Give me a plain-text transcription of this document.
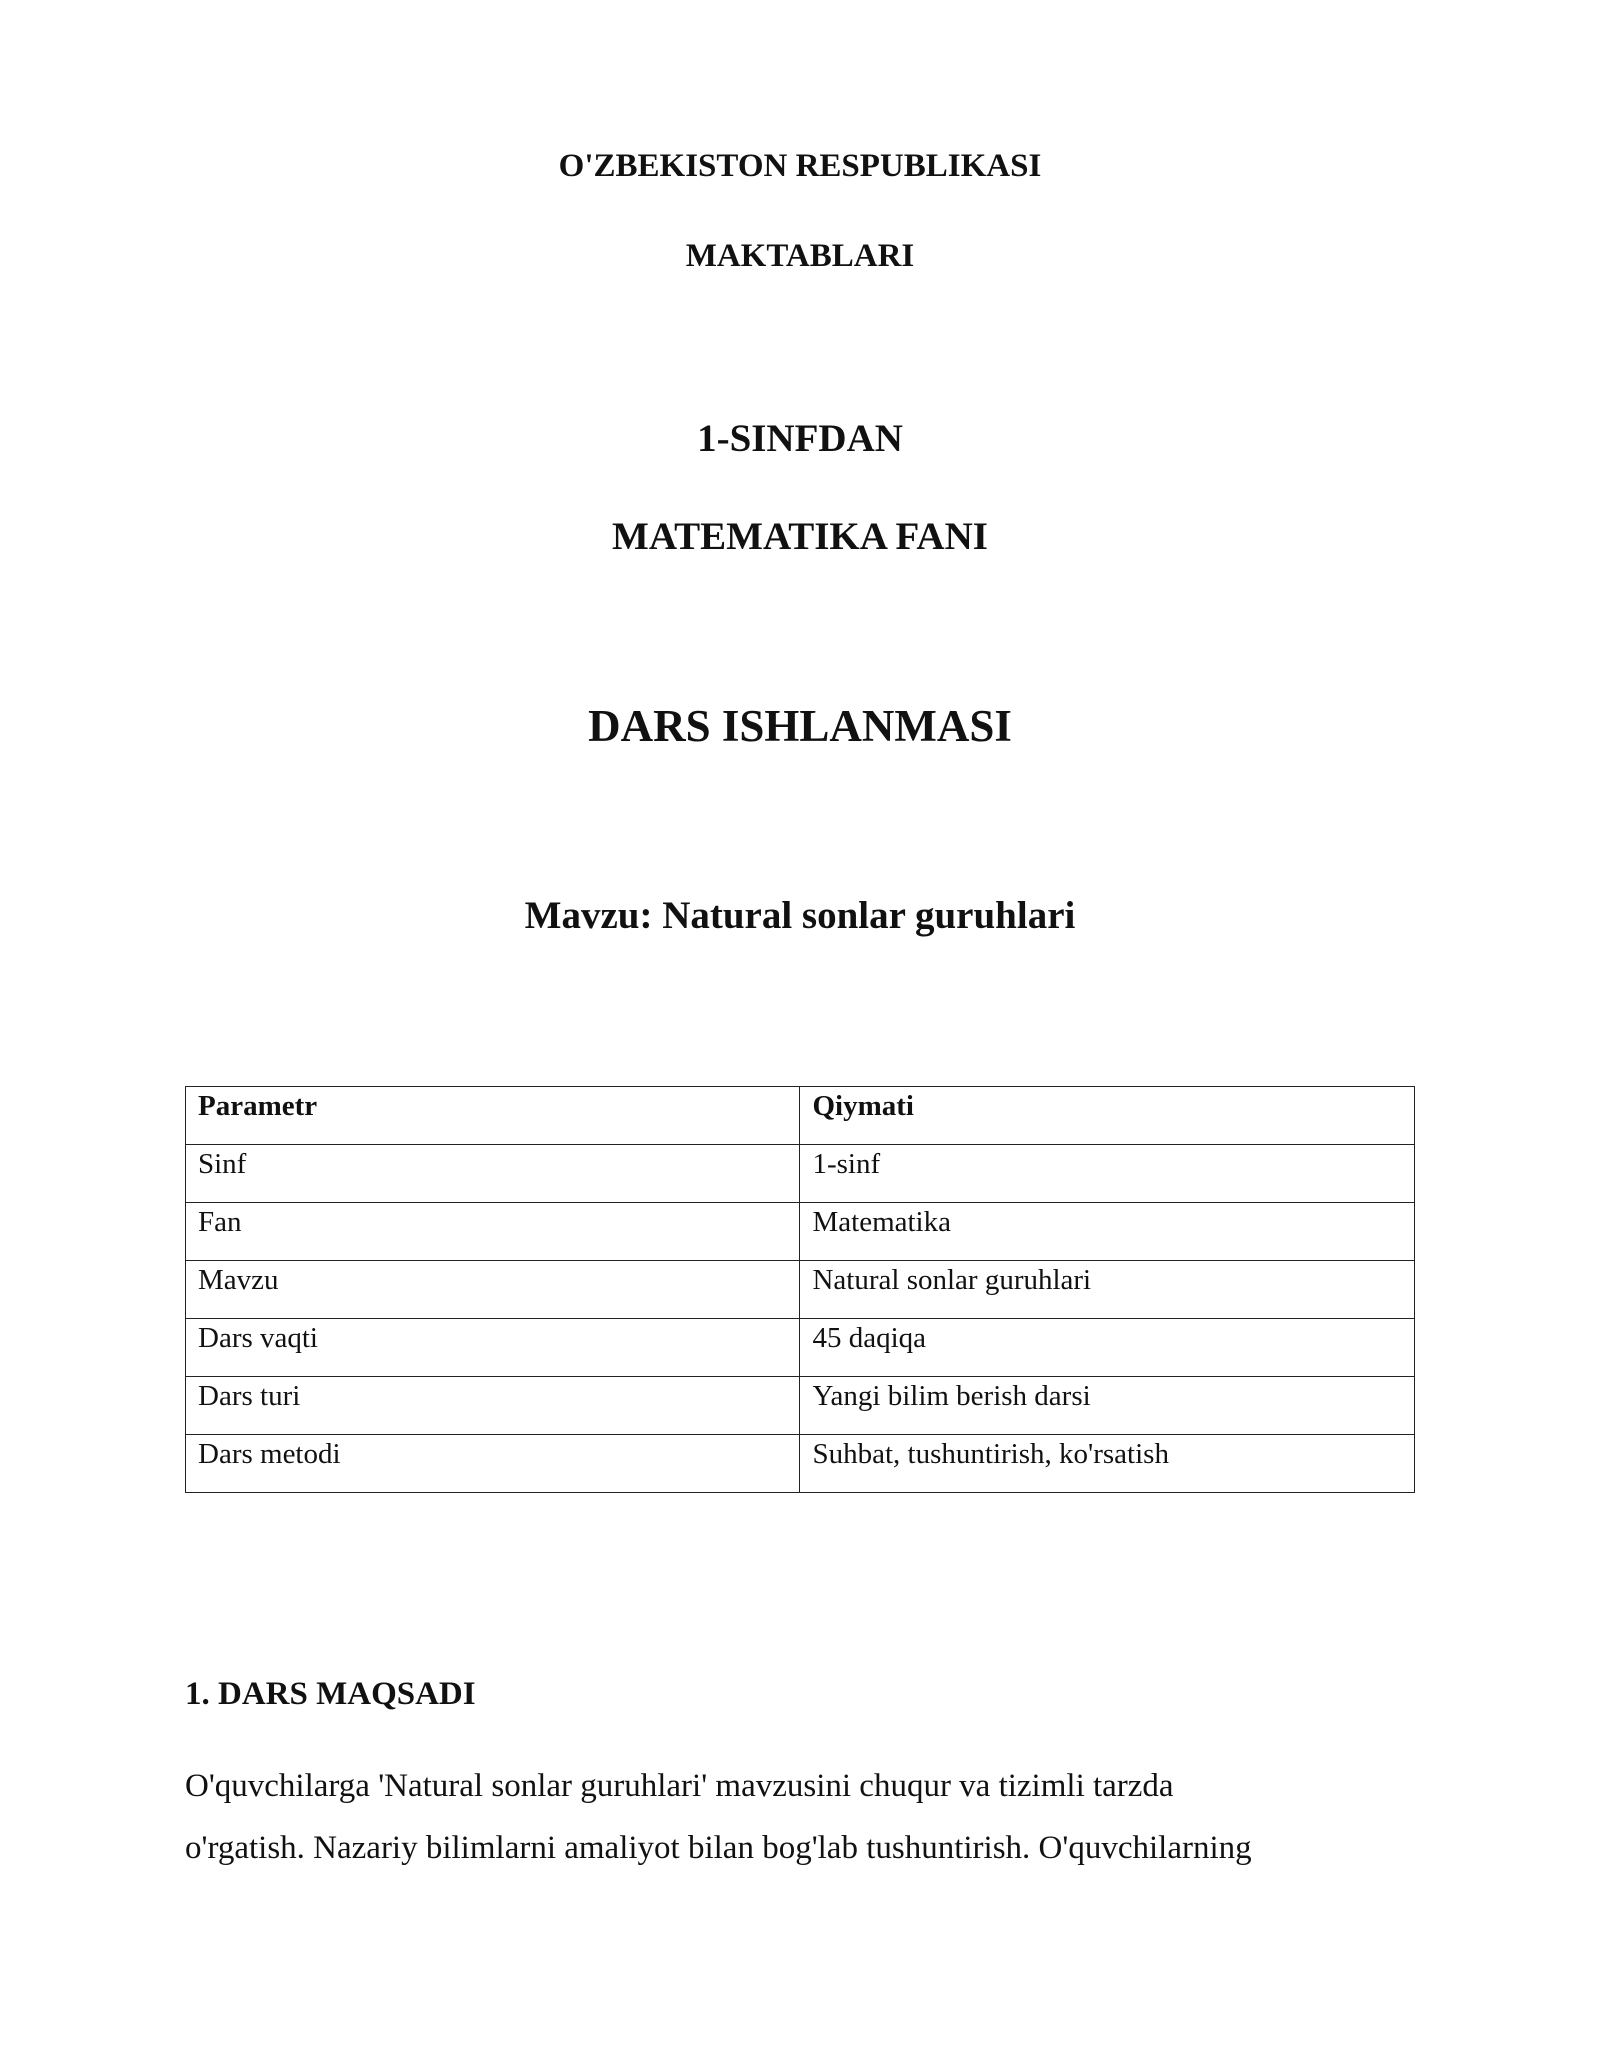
O'ZBEKISTON RESPUBLIKASI
MAKTABLARI
1-SINFDAN
MATEMATIKA FANI
DARS ISHLANMASI
Mavzu: Natural sonlar guruhlari
Parametr	Qiymati
Sinf	1-sinf
Fan	Matematika
Mavzu	Natural sonlar guruhlari
Dars vaqti	45 daqiqa
Dars turi	Yangi bilim berish darsi
Dars metodi	Suhbat, tushuntirish, ko'rsatish
1. DARS MAQSADI
O'quvchilarga 'Natural sonlar guruhlari' mavzusini chuqur va tizimli tarzda
o'rgatish. Nazariy bilimlarni amaliyot bilan bog'lab tushuntirish. O'quvchilarning
